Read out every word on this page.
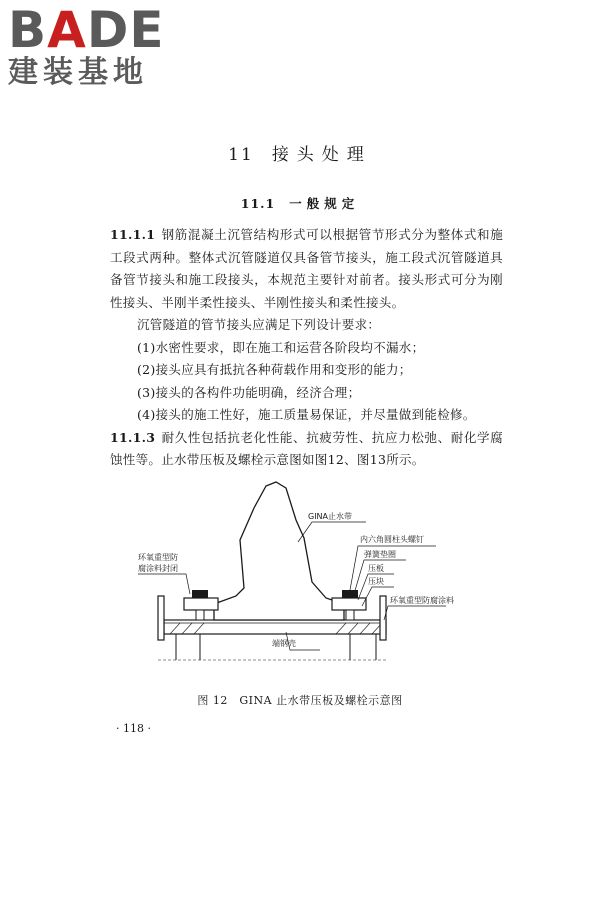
BADE
建装基地
11 接头处理
11.1 一般规定

11.1.1 钢筋混凝土沉管结构形式可以根据管节形式分为整体式和施工段式两种。整体式沉管隧道仅具备管节接头，施工段式沉管隧道具备管节接头和施工段接头，本规范主要针对前者。接头形式可分为刚性接头、半刚半柔性接头、半刚性接头和柔性接头。

沉管隧道的管节接头应满足下列设计要求：

(1)水密性要求，即在施工和运营各阶段均不漏水；

(2)接头应具有抵抗各种荷载作用和变形的能力；

(3)接头的各构件功能明确，经济合理；

(4)接头的施工性好，施工质量易保证，并尽量做到能检修。

11.1.3 耐久性包括抗老化性能、抗疲劳性、抗应力松弛、耐化学腐蚀性等。止水带压板及螺栓示意图如图12、图13所示。

GINA止水带
内六角圆柱头螺钉
弹簧垫圈
压板
压块
环氧重型防腐涂料
环氧重型防
腐涂料封闭
端钢壳
图 12　GINA 止水带压板及螺栓示意图
· 118 ·
